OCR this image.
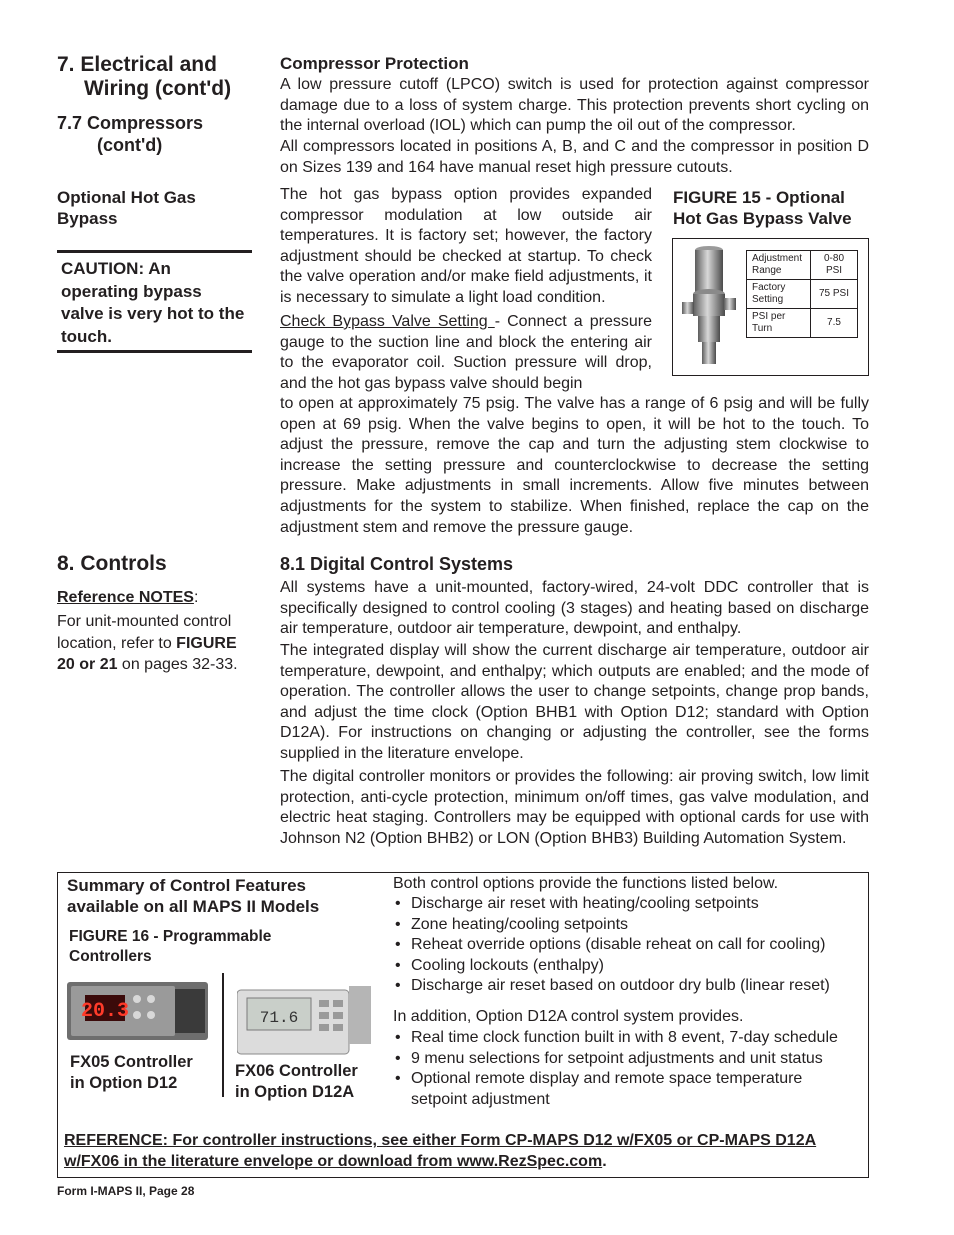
7. Electrical and
Wiring (cont'd)
7.7 Compressors
(cont'd)
Optional Hot Gas
Bypass
CAUTION: An operating bypass valve is very hot to the touch.
Compressor Protection

A low pressure cutoff (LPCO) switch is used for protection against compressor damage due to a loss of system charge. This protection prevents short cycling on the internal overload (IOL) which can pump the oil out of the compressor.

All compressors located in positions A, B, and C and the compressor in position D on Sizes 139 and 164 have manual reset high pressure cutouts.

The hot gas bypass option provides expanded compressor modulation at low outside air temperatures. It is factory set; however, the factory adjustment should be checked at startup. To check the valve operation and/or make field adjustments, it is necessary to simulate a light load condition.

Check Bypass Valve Setting - Connect a pressure gauge to the suction line and block the entering air to the evaporator coil. Suction pressure will drop, and the hot gas bypass valve should begin

to open at approximately 75 psig. The valve has a range of 6 psig and will be fully open at 69 psig. When the valve begins to open, it will be hot to the touch. To adjust the pressure, remove the cap and turn the adjusting stem clockwise to increase the setting pressure and counterclockwise to decrease the setting pressure. Make adjustments in small increments. Allow five minutes between adjustments for the system to stabilize. When finished, replace the cap on the adjustment stem and remove the pressure gauge.

FIGURE 15 - Optional
Hot Gas Bypass Valve
Adjustment Range	0-80 PSI
Factory Setting	75 PSI
PSI per Turn	7.5
8. Controls
Reference NOTES:

For unit-mounted control location, refer to FIGURE 20 or 21 on pages 32-33.

8.1 Digital Control Systems

All systems have a unit-mounted, factory-wired, 24-volt DDC controller that is specifically designed to control cooling (3 stages) and heating based on discharge air temperature, outdoor air temperature, dewpoint, and enthalpy.

The integrated display will show the current discharge air temperature, outdoor air temperature, dewpoint, and enthalpy; which outputs are enabled; and the mode of operation. The controller allows the user to change setpoints, change prop bands, and adjust the time clock (Option BHB1 with Option D12; standard with Option D12A). For instructions on changing or adjusting the controller, see the forms supplied in the literature envelope.

The digital controller monitors or provides the following: air proving switch, low limit protection, anti-cycle protection, minimum on/off times, gas valve modulation, and electric heat staging. Controllers may be equipped with optional cards for use with Johnson N2 (Option BHB2) or LON (Option BHB3) Building Automation System.

Summary of Control Features
available on all MAPS II Models
FIGURE 16 - Programmable
Controllers
20.3
FX05 Controller
in Option D12
71.6
FX06 Controller
in Option D12A
Both control options provide the functions listed below.
• Discharge air reset with heating/cooling setpoints
• Zone heating/cooling setpoints
• Reheat override options (disable reheat on call for cooling)
• Cooling lockouts (enthalpy)
• Discharge air reset based on outdoor dry bulb (linear reset)
In addition, Option D12A control system provides.
• Real time clock function built in with 8 event, 7-day schedule
• 9 menu selections for setpoint adjustments and unit status
• Optional remote display and remote space temperature setpoint adjustment
REFERENCE: For controller instructions, see either Form CP-MAPS D12 w/FX05 or CP-MAPS D12A w/FX06 in the literature envelope or download from www.RezSpec.com.
Form I-MAPS II, Page 28
